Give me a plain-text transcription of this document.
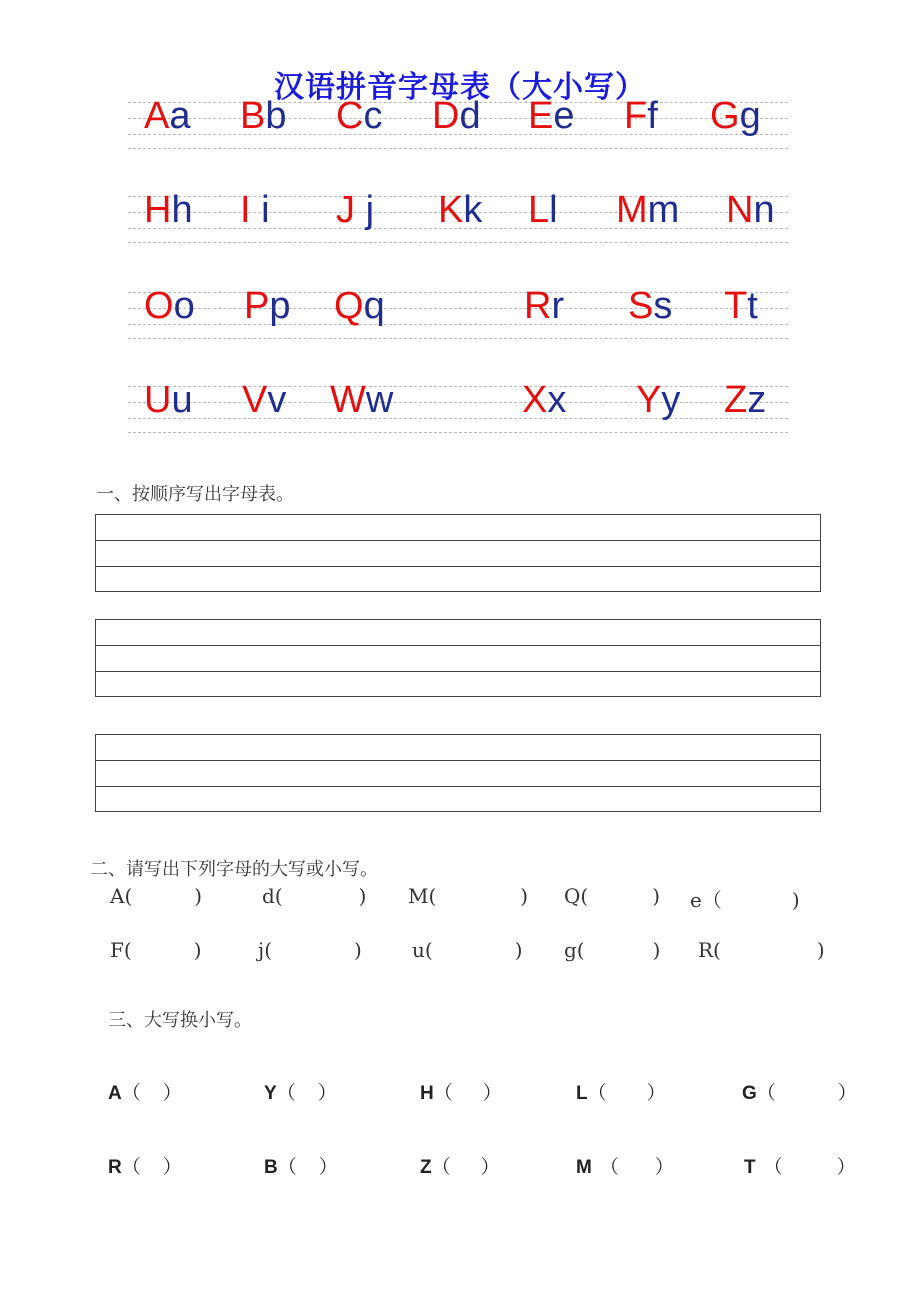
汉语拼音字母表（大小写）
Aa Bb Cc Dd Ee Ff Gg
Hh I i J j Kk Ll Mm Nn
Oo Pp Qq	Rr Ss Tt
Uu Vv Ww	Xx Yy Zz
一、按顺序写出字母表。
二、请写出下列字母的大写或小写。
A(	)	d(	) M(	) Q(	) e（	)
F(	)	j(	)	u(	) g(	) R(	)
三、大写换小写。
A（ ）	Y（ ）	H（ ）	L（ ）	G（	）
R（ ）	B（ ）	Z（ ）	M （ ）	T （	）
